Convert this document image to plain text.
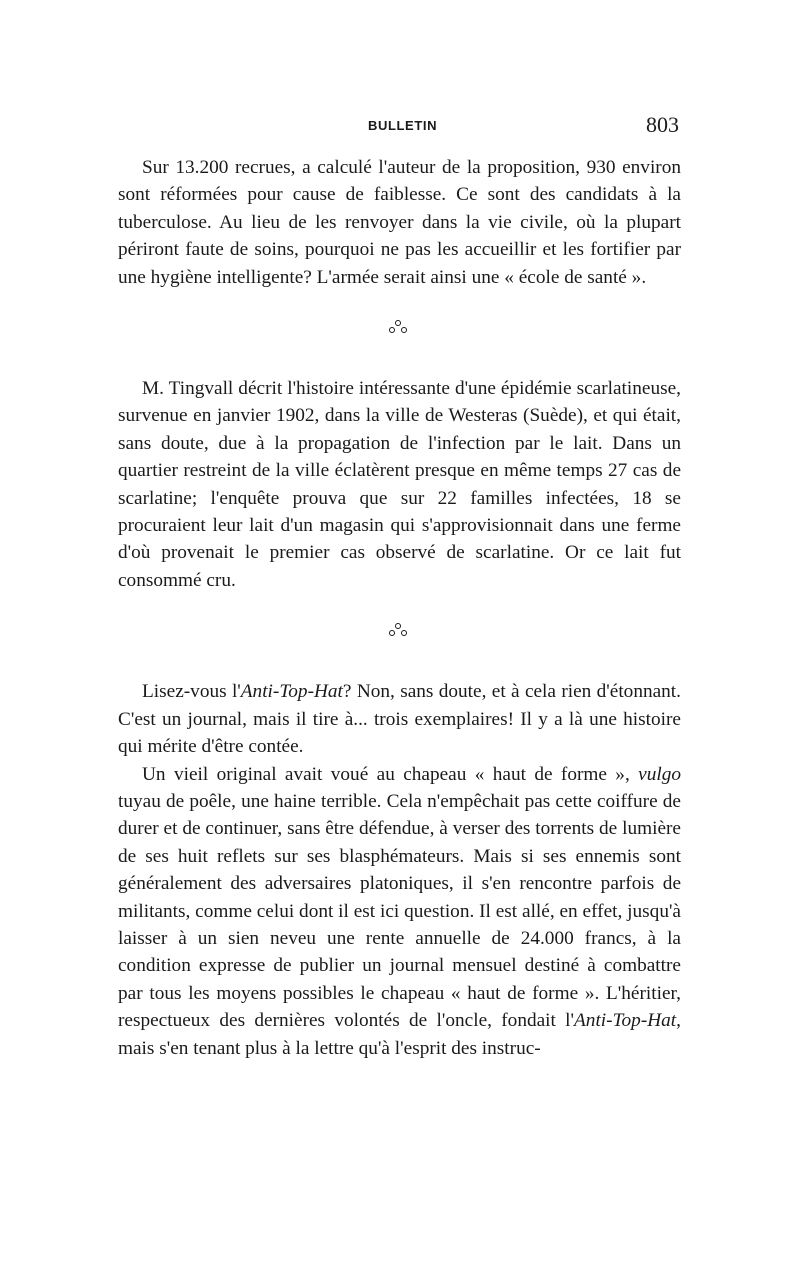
BULLETIN	803

Sur 13.200 recrues, a calculé l'auteur de la proposition, 930 environ sont réformées pour cause de faiblesse. Ce sont des candidats à la tuberculose. Au lieu de les renvoyer dans la vie civile, où la plupart périront faute de soins, pourquoi ne pas les accueillir et les fortifier par une hygiène intelligente? L'armée serait ainsi une « école de santé ».

M. Tingvall décrit l'histoire intéressante d'une épidémie scarlatineuse, survenue en janvier 1902, dans la ville de Westeras (Suède), et qui était, sans doute, due à la propagation de l'infection par le lait. Dans un quartier restreint de la ville éclatèrent presque en même temps 27 cas de scarlatine; l'enquête prouva que sur 22 familles infectées, 18 se procuraient leur lait d'un magasin qui s'approvisionnait dans une ferme d'où provenait le premier cas observé de scarlatine. Or ce lait fut consommé cru.

Lisez-vous l'Anti-Top-Hat? Non, sans doute, et à cela rien d'étonnant. C'est un journal, mais il tire à... trois exemplaires! Il y a là une histoire qui mérite d'être contée.

Un vieil original avait voué au chapeau « haut de forme », vulgo tuyau de poêle, une haine terrible. Cela n'empêchait pas cette coiffure de durer et de continuer, sans être défendue, à verser des torrents de lumière de ses huit reflets sur ses blasphémateurs. Mais si ses ennemis sont généralement des adversaires platoniques, il s'en rencontre parfois de militants, comme celui dont il est ici question. Il est allé, en effet, jusqu'à laisser à un sien neveu une rente annuelle de 24.000 francs, à la condition expresse de publier un journal mensuel destiné à combattre par tous les moyens possibles le chapeau « haut de forme ». L'héritier, respectueux des dernières volontés de l'oncle, fondait l'Anti-Top-Hat, mais s'en tenant plus à la lettre qu'à l'esprit des instruc-
